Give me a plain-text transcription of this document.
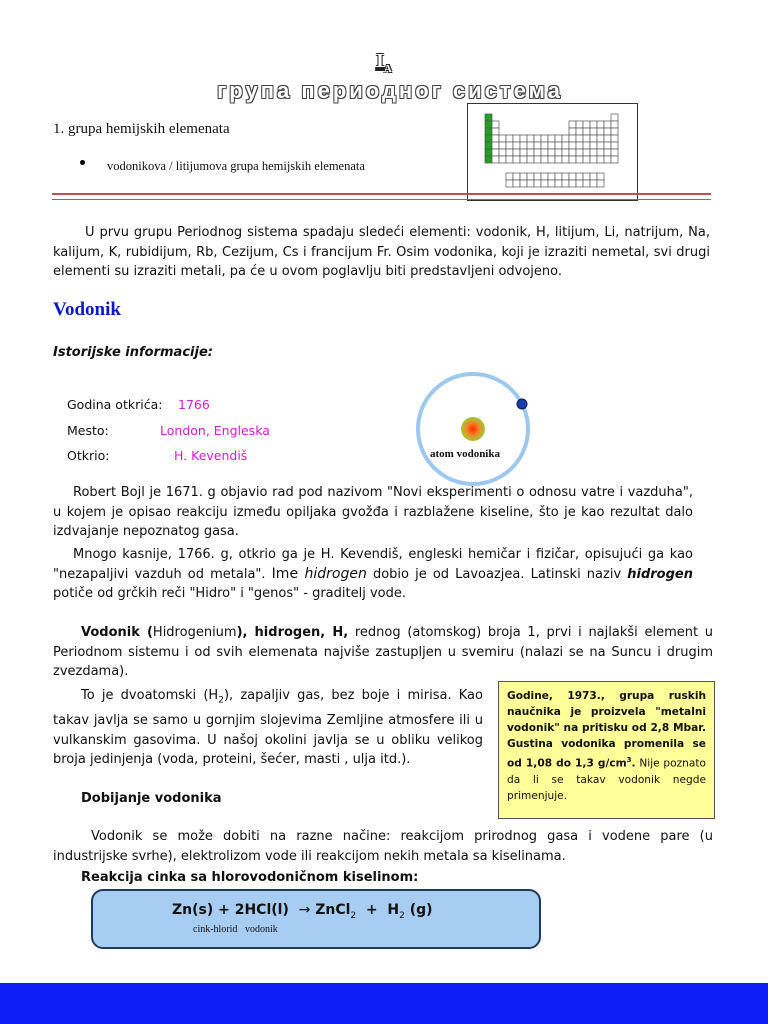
$I_A$
група периодног система
1. grupa hemijskih elemenata
vodonikova / litijumova grupa hemijskih elemenata
U prvu grupu Periodnog sistema spadaju sledeći elementi: vodonik, H, litijum, Li, natrijum, Na, kalijum, K, rubidijum, Rb, Cezijum, Cs i francijum Fr. Osim vodonika, koji je izraziti nemetal, svi drugi elementi su izraziti metali, pa će u ovom poglavlju biti predstavljeni odvojeno.
Vodonik
Istorijske informacije:
Godina otkrića: 1766
Mesto:	London, Engleska
Otkrio:	H. Kevendiš	atom vodonika
Robert Bojl je 1671. g objavio rad pod nazivom "Novi eksperimenti o odnosu vatre i vazduha", u kojem je opisao reakciju između opiljaka gvožđa i razblažene kiseline, što je kao rezultat dalo izdvajanje nepoznatog gasa.
Mnogo kasnije, 1766. g, otkrio ga je H. Kevendiš, engleski hemičar i fizičar, opisujući ga kao "nezapaljivi vazduh od metala". Ime hidrogen dobio je od Lavoazjea. Latinski naziv hidrogen potiče od grčkih reči "Hidro" i "genos" - graditelj vode.
Vodonik (Hidrogenium), hidrogen, H, rednog (atomskog) broja 1, prvi i najlakši element u Periodnom sistemu i od svih elemenata najviše zastupljen u svemiru (nalazi se na Suncu i drugim zvezdama).
To je dvoatomski $(H_2)$, zapaljiv gas, bez boje i mirisa. Kao takav javlja se samo u gornjim slojevima Zemljine atmosfere ili u vulkanskim gasovima. U našoj okolini javlja se u obliku velikog broja jedinjenja (voda, proteini, šećer, masti , ulja itd.).
Godine, 1973., grupa ruskih naučnika je proizvela "metalni vodonik" na pritisku od 2,8 Mbar. Gustina vodonika promenila se od 1,08 do 1,3 $g/cm^3$. Nije poznato da li se takav vodonik negde primenjuje.
Dobijanje vodonika
Vodonik se može dobiti na razne načine: reakcijom prirodnog gasa i vodene pare (u industrijske svrhe), elektrolizom vode ili reakcijom nekih metala sa kiselinama.
Reakcija cinka sa hlorovodoničnom kiselinom:
Zn(s) + 2HCl(l) → ZnCl$_2$  +  $H_2$ (g)
cink-hlorid vodonik
